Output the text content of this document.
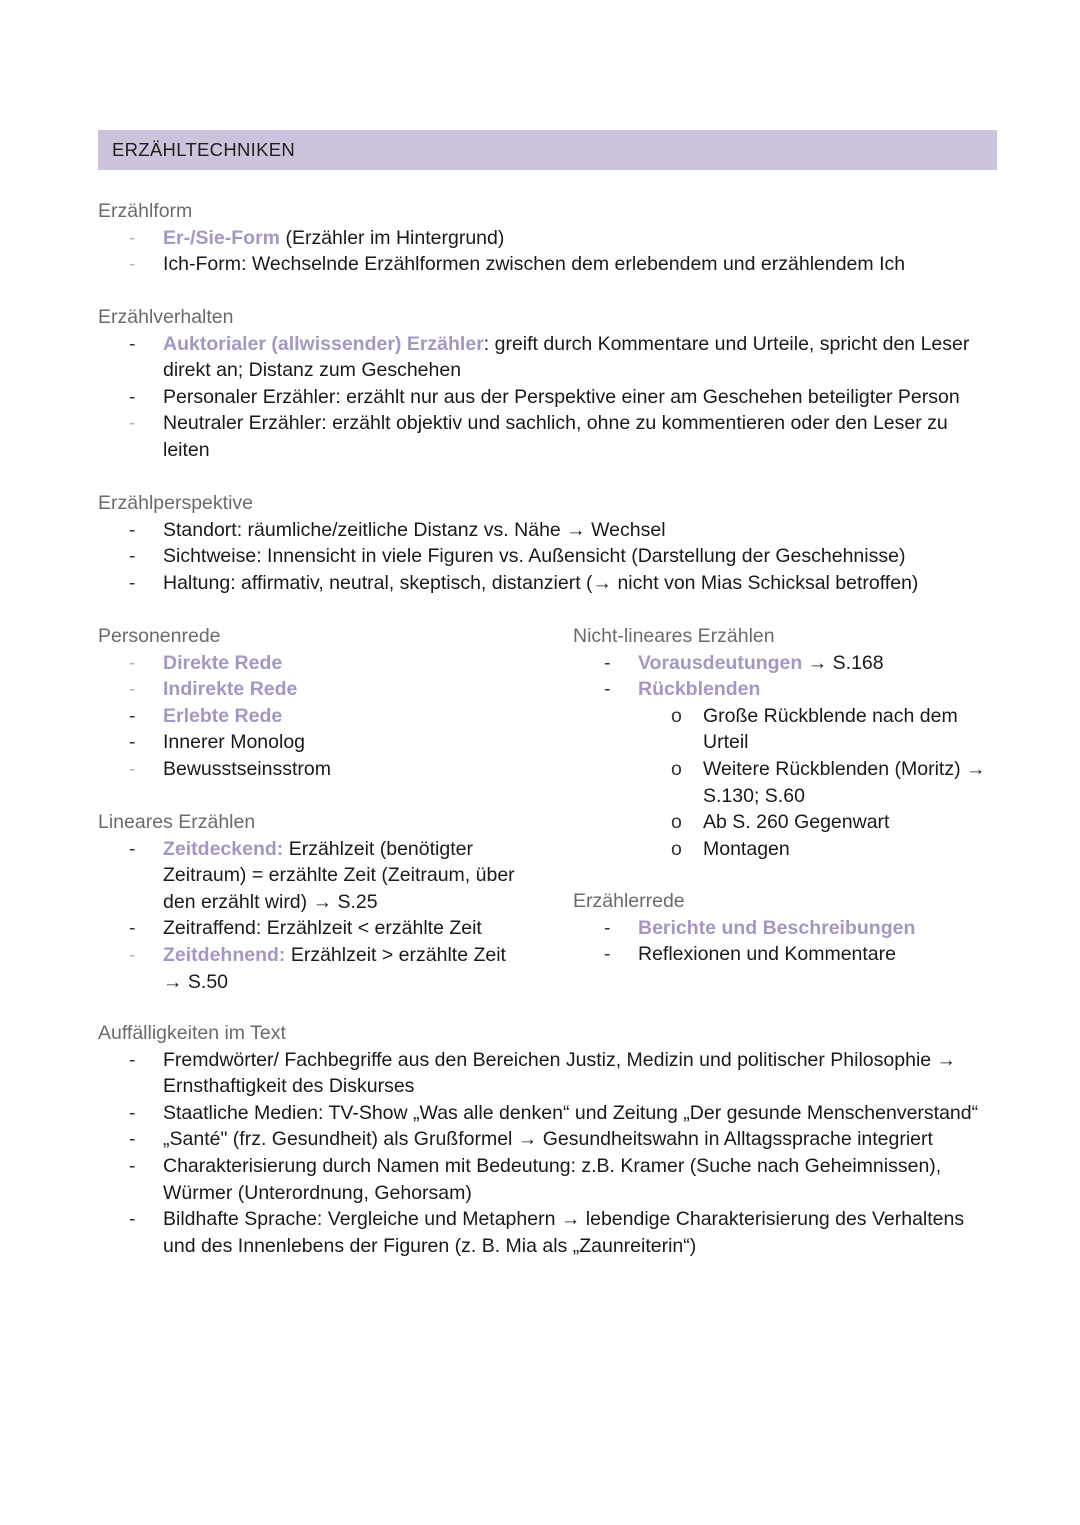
ERZÄHLTECHNIKEN
Erzählform
- Er-/Sie-Form (Erzähler im Hintergrund)
- Ich-Form: Wechselnde Erzählformen zwischen dem erlebendem und erzählendem Ich
Erzählverhalten
- Auktorialer (allwissender) Erzähler: greift durch Kommentare und Urteile, spricht den Leser direkt an; Distanz zum Geschehen
- Personaler Erzähler: erzählt nur aus der Perspektive einer am Geschehen beteiligter Person
- Neutraler Erzähler: erzählt objektiv und sachlich, ohne zu kommentieren oder den Leser zu leiten
Erzählperspektive
- Standort: räumliche/zeitliche Distanz vs. Nähe → Wechsel
- Sichtweise: Innensicht in viele Figuren vs. Außensicht (Darstellung der Geschehnisse)
- Haltung: affirmativ, neutral, skeptisch, distanziert (→ nicht von Mias Schicksal betroffen)
Personenrede
- Direkte Rede
- Indirekte Rede
- Erlebte Rede
- Innerer Monolog
- Bewusstseinsstrom
Lineares Erzählen
- Zeitdeckend: Erzählzeit (benötigter Zeitraum) = erzählte Zeit (Zeitraum, über den erzählt wird) → S.25
- Zeitraffend: Erzählzeit < erzählte Zeit
- Zeitdehnend: Erzählzeit > erzählte Zeit → S.50
Nicht-lineares Erzählen
- Vorausdeutungen → S.168
- Rückblenden
o Große Rückblende nach dem Urteil
o Weitere Rückblenden (Moritz) → S.130; S.60
o Ab S. 260 Gegenwart
o Montagen
Erzählerrede
- Berichte und Beschreibungen
- Reflexionen und Kommentare
Auffälligkeiten im Text
- Fremdwörter/ Fachbegriffe aus den Bereichen Justiz, Medizin und politischer Philosophie → Ernsthaftigkeit des Diskurses
- Staatliche Medien: TV-Show „Was alle denken“ und Zeitung „Der gesunde Menschenverstand“
- „Santé" (frz. Gesundheit) als Grußformel → Gesundheitswahn in Alltagssprache integriert
- Charakterisierung durch Namen mit Bedeutung: z.B. Kramer (Suche nach Geheimnissen), Würmer (Unterordnung, Gehorsam)
- Bildhafte Sprache: Vergleiche und Metaphern → lebendige Charakterisierung des Verhaltens und des Innenlebens der Figuren (z. B. Mia als „Zaunreiterin“)
